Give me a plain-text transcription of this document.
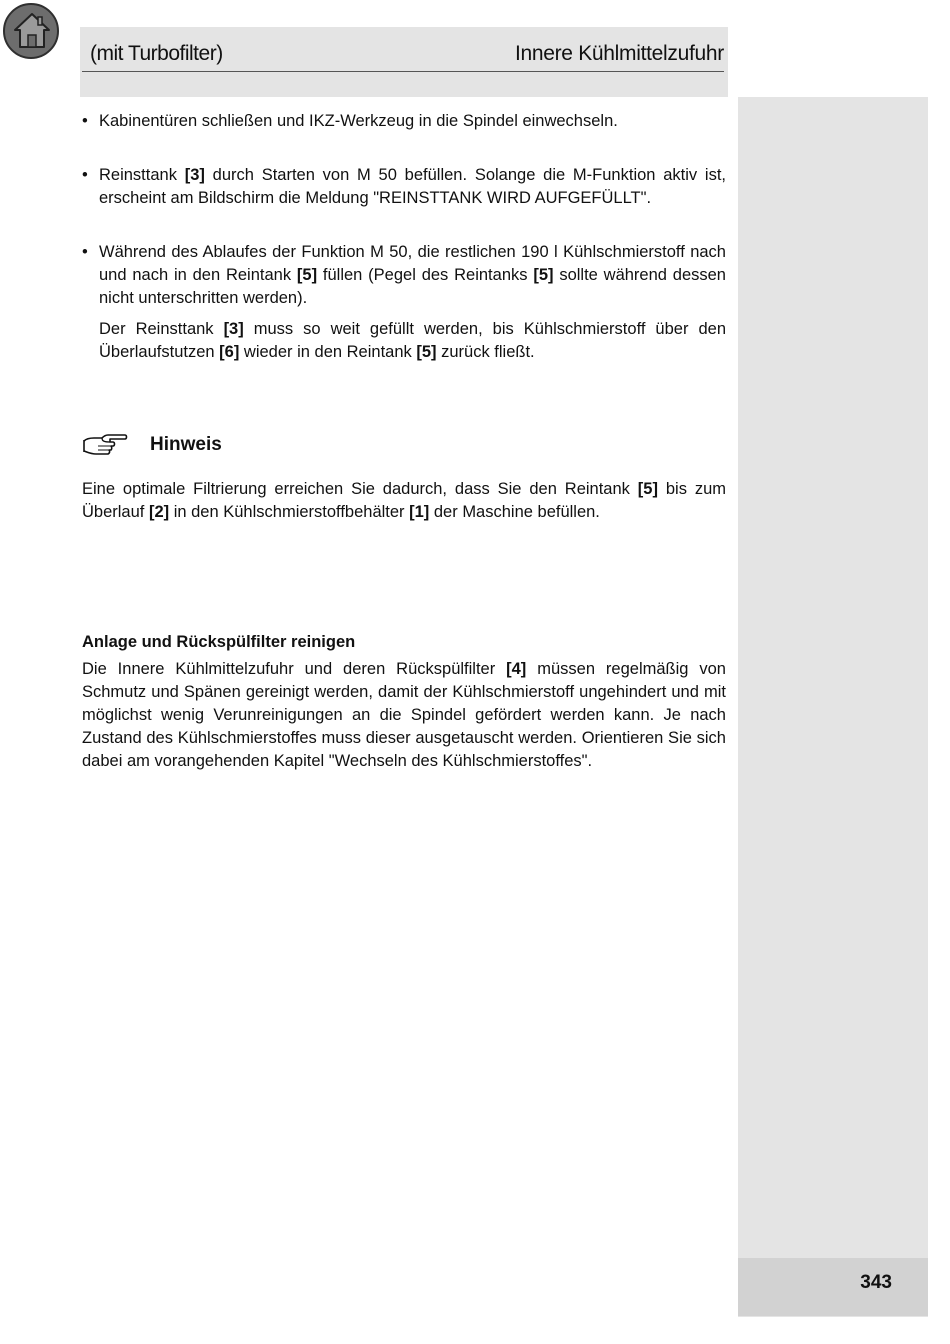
(mit Turbofilter)	Innere Kühlmittelzufuhr

• Kabinentüren schließen und IKZ-Werkzeug in die Spindel einwechseln.

• Reinsttank [3] durch Starten von M 50 befüllen. Solange die M-Funktion aktiv ist, erscheint am Bildschirm die Meldung "REINSTTANK WIRD AUFGEFÜLLT".

• Während des Ablaufes der Funktion M 50, die restlichen 190 l Kühlschmierstoff nach und nach in den Reintank [5] füllen (Pegel des Reintanks [5] sollte während dessen nicht unterschritten werden).

Der Reinsttank [3] muss so weit gefüllt werden, bis Kühlschmierstoff über den Überlaufstutzen [6] wieder in den Reintank [5] zurück fließt.

Hinweis

Eine optimale Filtrierung erreichen Sie dadurch, dass Sie den Reintank [5] bis zum Überlauf [2] in den Kühlschmierstoffbehälter [1] der Maschine befüllen.

Anlage und Rückspülfilter reinigen

Die Innere Kühlmittelzufuhr und deren Rückspülfilter [4] müssen regelmäßig von Schmutz und Spänen gereinigt werden, damit der Kühlschmierstoff ungehindert und mit möglichst wenig Verunreinigungen an die Spindel gefördert werden kann. Je nach Zustand des Kühlschmierstoffes muss dieser ausgetauscht werden. Orientieren Sie sich dabei am vorangehenden Kapitel "Wechseln des Kühlschmierstoffes".

343
